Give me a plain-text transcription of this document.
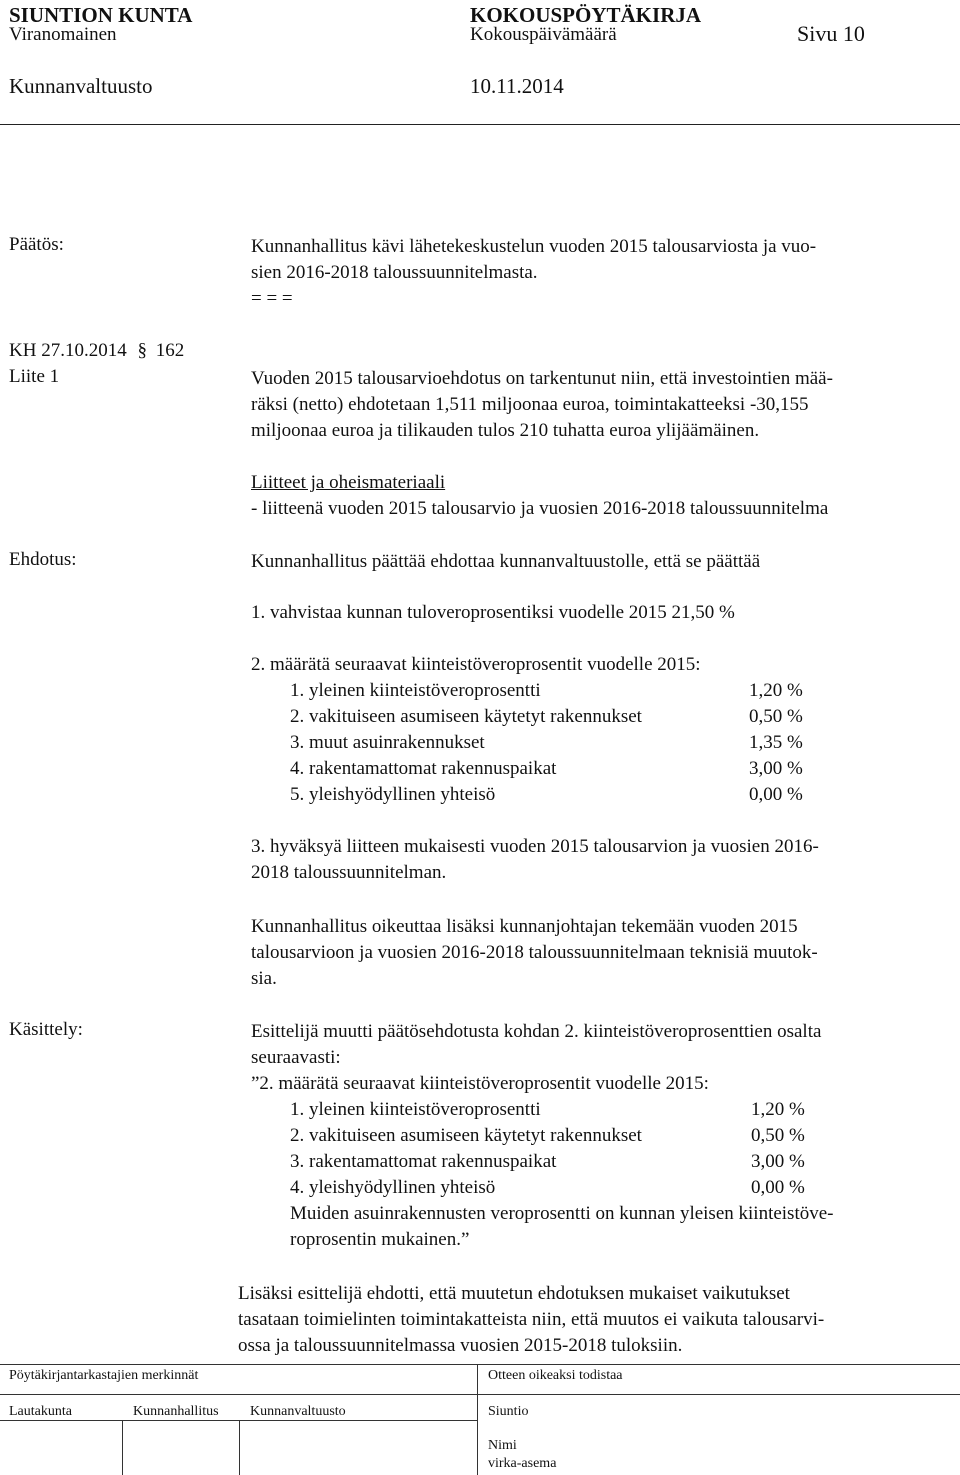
SIUNTION KUNTA	KOKOUSPÖYTÄKIRJA
Viranomainen	Kokouspäivämäärä	Sivu 10
Kunnanvaltuusto	10.11.2014
Päätös:	Kunnanhallitus kävi lähetekeskustelun vuoden 2015 talousarviosta ja vuo-
sien 2016-2018 taloussuunnitelmasta.
= = =
KH 27.10.2014 § 162
Liite 1	Vuoden 2015 talousarvioehdotus on tarkentunut niin, että investointien mää-
räksi (netto) ehdotetaan 1,511 miljoonaa euroa, toimintakatteeksi -30,155
miljoonaa euroa ja tilikauden tulos 210 tuhatta euroa ylijäämäinen.
Liitteet ja oheismateriaali
- liitteenä vuoden 2015 talousarvio ja vuosien 2016-2018 taloussuunnitelma
Ehdotus:	Kunnanhallitus päättää ehdottaa kunnanvaltuustolle, että se päättää
1. vahvistaa kunnan tuloveroprosentiksi vuodelle 2015 21,50 %
2. määrätä seuraavat kiinteistöveroprosentit vuodelle 2015:
1. yleinen kiinteistöveroprosentti	1,20 %
2. vakituiseen asumiseen käytetyt rakennukset	0,50 %
3. muut asuinrakennukset	1,35 %
4. rakentamattomat rakennuspaikat	3,00 %
5. yleishyödyllinen yhteisö	0,00 %
3. hyväksyä liitteen mukaisesti vuoden 2015 talousarvion ja vuosien 2016-
2018 taloussuunnitelman.
Kunnanhallitus oikeuttaa lisäksi kunnanjohtajan tekemään vuoden 2015
talousarvioon ja vuosien 2016-2018 taloussuunnitelmaan teknisiä muutok-
sia.
Käsittely:	Esittelijä muutti päätösehdotusta kohdan 2. kiinteistöveroprosenttien osalta
seuraavasti:
”2. määrätä seuraavat kiinteistöveroprosentit vuodelle 2015:
1. yleinen kiinteistöveroprosentti	1,20 %
2. vakituiseen asumiseen käytetyt rakennukset	0,50 %
3. rakentamattomat rakennuspaikat	3,00 %
4. yleishyödyllinen yhteisö	0,00 %
Muiden asuinrakennusten veroprosentti on kunnan yleisen kiinteistöve-
roprosentin mukainen.”
Lisäksi esittelijä ehdotti, että muutetun ehdotuksen mukaiset vaikutukset
tasataan toimielinten toimintakatteista niin, että muutos ei vaikuta talousarvi-
ossa ja taloussuunnitelmassa vuosien 2015-2018 tuloksiin.
Pöytäkirjantarkastajien merkinnät	Otteen oikeaksi todistaa
Lautakunta	Kunnanhallitus Kunnanvaltuusto	Siuntio
Nimi
virka-asema
